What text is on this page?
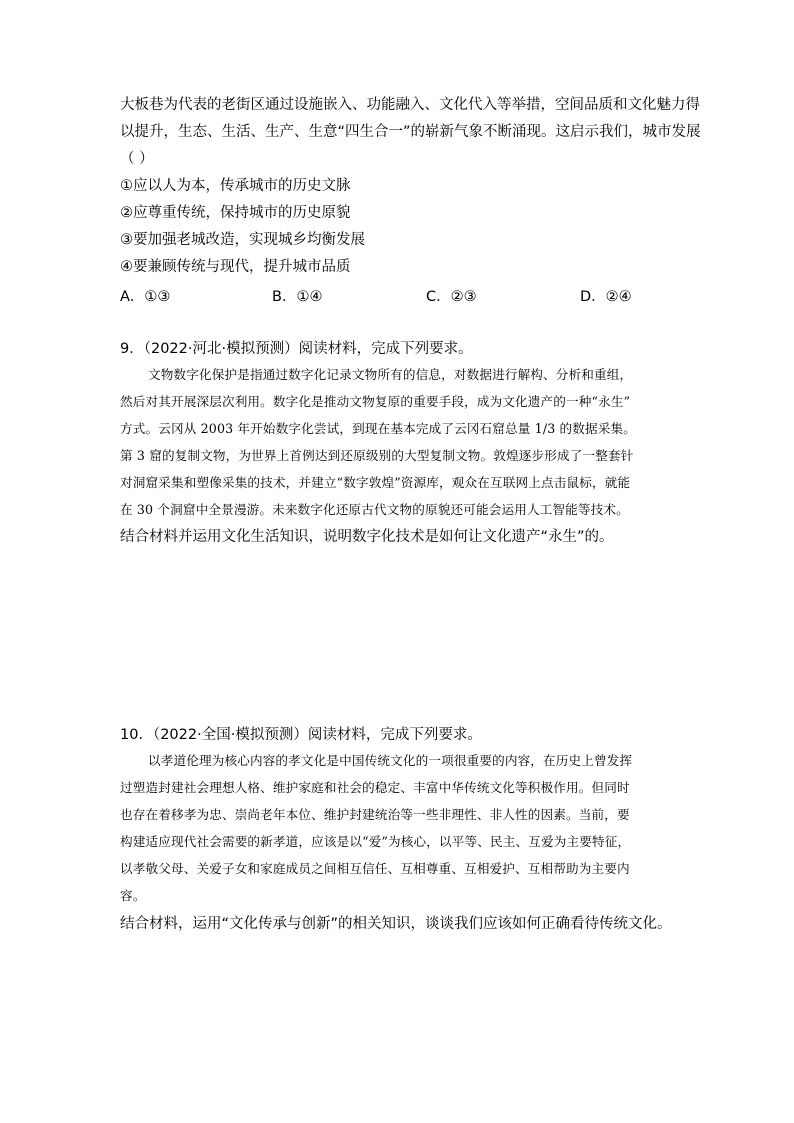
大板巷为代表的老街区通过设施嵌入、功能融入、文化代入等举措，空间品质和文化魅力得
以提升，生态、生活、生产、生意“四生合一”的崭新气象不断涌现。这启示我们，城市发展
（ ）
①应以人为本，传承城市的历史文脉
②应尊重传统，保持城市的历史原貌
③要加强老城改造，实现城乡均衡发展
④要兼顾传统与现代，提升城市品质
A．①③	B．①④	C．②③	D．②④
9．（2022·河北·模拟预测）阅读材料，完成下列要求。
文物数字化保护是指通过数字化记录文物所有的信息，对数据进行解构、分析和重组，
然后对其开展深层次利用。数字化是推动文物复原的重要手段，成为文化遗产的一种“永生”
方式。云冈从 2003 年开始数字化尝试，到现在基本完成了云冈石窟总量 1/3 的数据采集。
第 3 窟的复制文物，为世界上首例达到还原级别的大型复制文物。敦煌逐步形成了一整套针
对洞窟采集和塑像采集的技术，并建立“数字敦煌”资源库，观众在互联网上点击鼠标，就能
在 30 个洞窟中全景漫游。未来数字化还原古代文物的原貌还可能会运用人工智能等技术。
结合材料并运用文化生活知识，说明数字化技术是如何让文化遗产“永生”的。
10．（2022·全国·模拟预测）阅读材料，完成下列要求。
以孝道伦理为核心内容的孝文化是中国传统文化的一项很重要的内容，在历史上曾发挥
过塑造封建社会理想人格、维护家庭和社会的稳定、丰富中华传统文化等积极作用。但同时
也存在着移孝为忠、崇尚老年本位、维护封建统治等一些非理性、非人性的因素。当前，要
构建适应现代社会需要的新孝道，应该是以“爱”为核心，以平等、民主、互爱为主要特征，
以孝敬父母、关爱子女和家庭成员之间相互信任、互相尊重、互相爱护、互相帮助为主要内
容。
结合材料，运用“文化传承与创新”的相关知识，谈谈我们应该如何正确看待传统文化。
